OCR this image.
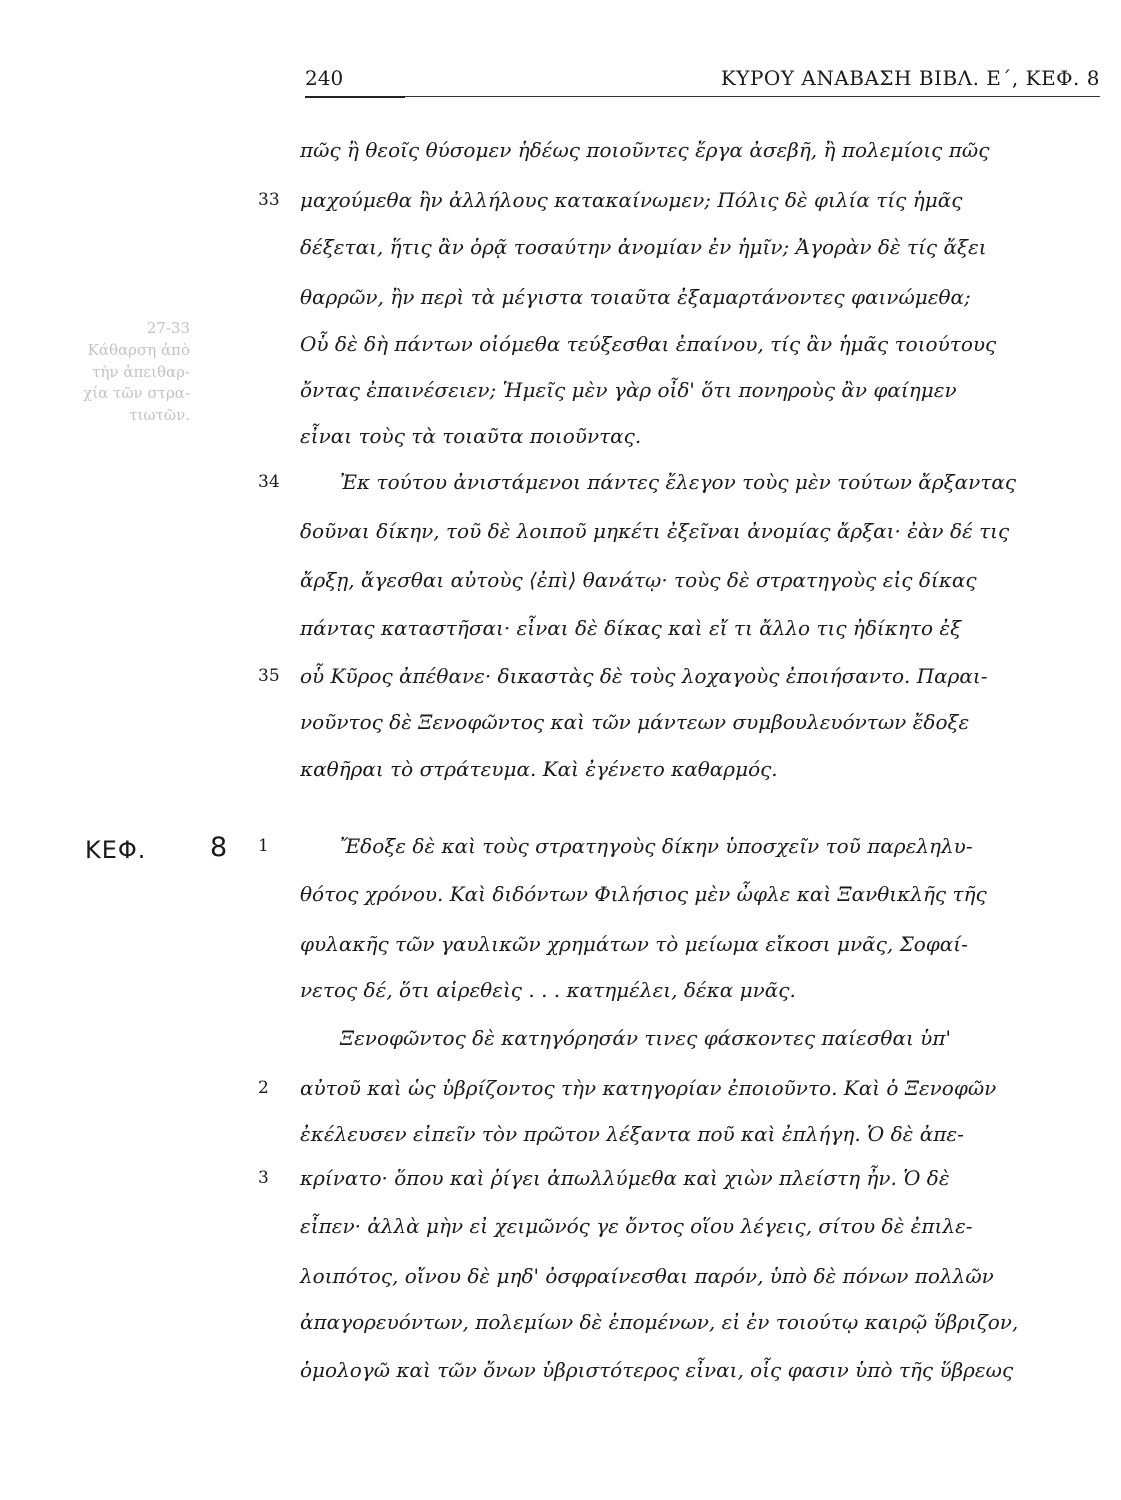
27-33
Κάθαρση ἀπὸ
τὴν ἀπειθαρ-
χία τῶν στρα-
τιωτῶν.
240	ΚΥΡΟΥ ΑΝΑΒΑΣΗ ΒΙΒΛ. Ε΄, ΚΕΦ. 8
ΚΕΦ. 8
33
34
35
1
2
3
πῶς ἢ θεοῖς θύσομεν ἡδέως ποιοῦντες ἔργα ἀσεβῆ, ἢ πολεμίοις πῶς
μαχούμεθα ἢν ἀλλήλους κατακαίνωμεν; Πόλις δὲ φιλία τίς ἡμᾶς
δέξεται, ἥτις ἂν ὁρᾷ τοσαύτην ἀνομίαν ἐν ἡμῖν; Ἀγορὰν δὲ τίς ἄξει
θαρρῶν, ἢν περὶ τὰ μέγιστα τοιαῦτα ἐξαμαρτάνοντες φαινώμεθα;
Οὗ δὲ δὴ πάντων οἰόμεθα τεύξεσθαι ἐπαίνου, τίς ἂν ἡμᾶς τοιούτους
ὄντας ἐπαινέσειεν; Ἡμεῖς μὲν γὰρ οἶδ' ὅτι πονηροὺς ἂν φαίημεν
εἶναι τοὺς τὰ τοιαῦτα ποιοῦντας.
Ἐκ τούτου ἀνιστάμενοι πάντες ἔλεγον τοὺς μὲν τούτων ἄρξαντας
δοῦναι δίκην, τοῦ δὲ λοιποῦ μηκέτι ἐξεῖναι ἀνομίας ἄρξαι· ἐὰν δέ τις
ἄρξῃ, ἄγεσθαι αὐτοὺς ⟨ἐπὶ⟩ θανάτῳ· τοὺς δὲ στρατηγοὺς εἰς δίκας
πάντας καταστῆσαι· εἶναι δὲ δίκας καὶ εἴ τι ἄλλο τις ἠδίκητο ἐξ
οὗ Κῦρος ἀπέθανε· δικαστὰς δὲ τοὺς λοχαγοὺς ἐποιήσαντο. Παραι-
νοῦντος δὲ Ξενοφῶντος καὶ τῶν μάντεων συμβουλευόντων ἔδοξε
καθῆραι τὸ στράτευμα. Καὶ ἐγένετο καθαρμός.
Ἔδοξε δὲ καὶ τοὺς στρατηγοὺς δίκην ὑποσχεῖν τοῦ παρεληλυ-
θότος χρόνου. Καὶ διδόντων Φιλήσιος μὲν ὦφλε καὶ Ξανθικλῆς τῆς
φυλακῆς τῶν γαυλικῶν χρημάτων τὸ μείωμα εἴκοσι μνᾶς, Σοφαί-
νετος δέ, ὅτι αἱρεθεὶς . . . κατημέλει, δέκα μνᾶς.
Ξενοφῶντος δὲ κατηγόρησάν τινες φάσκοντες παίεσθαι ὑπ'
αὐτοῦ καὶ ὡς ὑβρίζοντος τὴν κατηγορίαν ἐποιοῦντο. Καὶ ὁ Ξενοφῶν
ἐκέλευσεν εἰπεῖν τὸν πρῶτον λέξαντα ποῦ καὶ ἐπλήγη. Ὁ δὲ ἀπε-
κρίνατο· ὅπου καὶ ῥίγει ἀπωλλύμεθα καὶ χιὼν πλείστη ἦν. Ὁ δὲ
εἶπεν· ἀλλὰ μὴν εἰ χειμῶνός γε ὄντος οἵου λέγεις, σίτου δὲ ἐπιλε-
λοιπότος, οἴνου δὲ μηδ' ὀσφραίνεσθαι παρόν, ὑπὸ δὲ πόνων πολλῶν
ἀπαγορευόντων, πολεμίων δὲ ἑπομένων, εἰ ἐν τοιούτῳ καιρῷ ὕβριζον,
ὁμολογῶ καὶ τῶν ὄνων ὑβριστότερος εἶναι, οἷς φασιν ὑπὸ τῆς ὕβρεως
